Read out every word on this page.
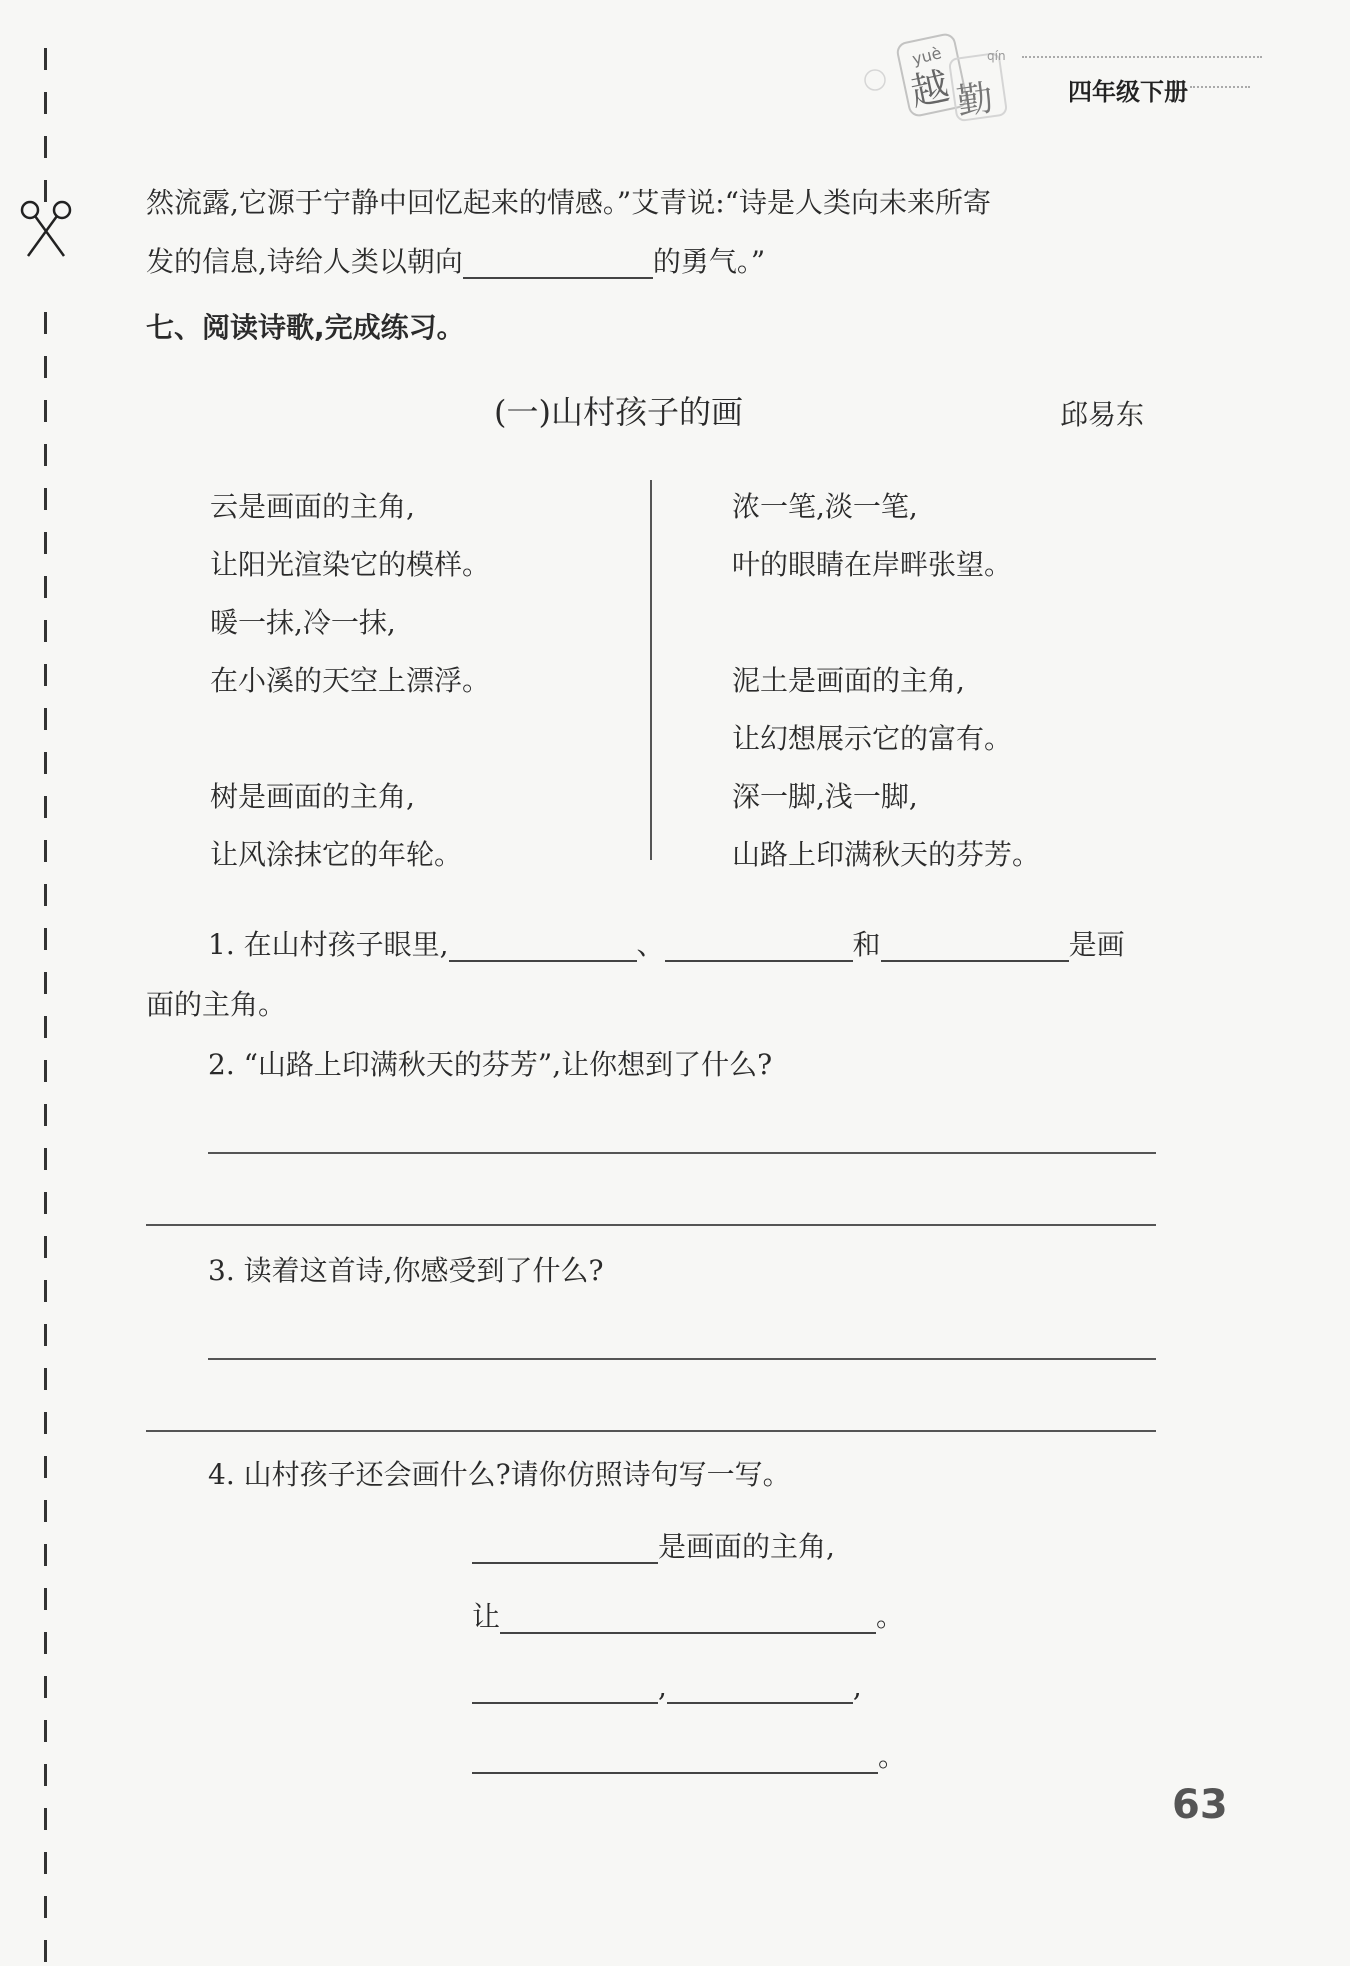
yuè
越
qín
勤	四年级下册
然流露,它源于宁静中回忆起来的情感。”艾青说:“诗是人类向未来所寄
发的信息,诗给人类以朝向	的勇气。”
七、阅读诗歌,完成练习。
(一)山村孩子的画	邱易东
云是画面的主角,
让阳光渲染它的模样。
暖一抹,冷一抹,
在小溪的天空上漂浮。
树是画面的主角,
让风涂抹它的年轮。
浓一笔,淡一笔,
叶的眼睛在岸畔张望。
泥土是画面的主角,
让幻想展示它的富有。
深一脚,浅一脚,
山路上印满秋天的芬芳。
1. 在山村孩子眼里,	、	和	是画
面的主角。
2. “山路上印满秋天的芬芳”,让你想到了什么?
3. 读着这首诗,你感受到了什么?
4. 山村孩子还会画什么?请你仿照诗句写一写。
是画面的主角,
让	。
,	,
。
63
